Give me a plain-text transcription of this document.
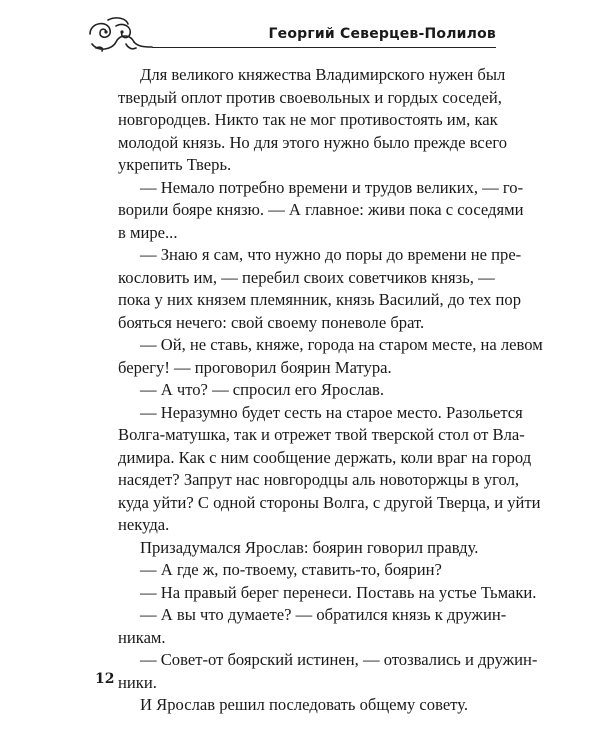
Георгий Северцев-Полилов
Для великого княжества Владимирского нужен был
твердый оплот против своевольных и гордых соседей,
новгородцев. Никто так не мог противостоять им, как
молодой князь. Но для этого нужно было прежде всего
укрепить Тверь.
— Немало потребно времени и трудов великих, — го-
ворили бояре князю. — А главное: живи пока с соседями
в мире...
— Знаю я сам, что нужно до поры до времени не пре-
кословить им, — перебил своих советчиков князь, —
пока у них князем племянник, князь Василий, до тех пор
бояться нечего: свой своему поневоле брат.
— Ой, не ставь, княже, города на старом месте, на левом
берегу! — проговорил боярин Матура.
— А что? — спросил его Ярослав.
— Неразумно будет сесть на старое место. Разольется
Волга-матушка, так и отрежет твой тверской стол от Вла-
димира. Как с ним сообщение держать, коли враг на город
насядет? Запрут нас новгородцы аль новоторжцы в угол,
куда уйти? С одной стороны Волга, с другой Тверца, и уйти
некуда.
Призадумался Ярослав: боярин говорил правду.
— А где ж, по-твоему, ставить-то, боярин?
— На правый берег перенеси. Поставь на устье Тьмаки.
— А вы что думаете? — обратился князь к дружин-
никам.
— Совет-от боярский истинен, — отозвались и дружин-
ники.
И Ярослав решил последовать общему совету.
12
